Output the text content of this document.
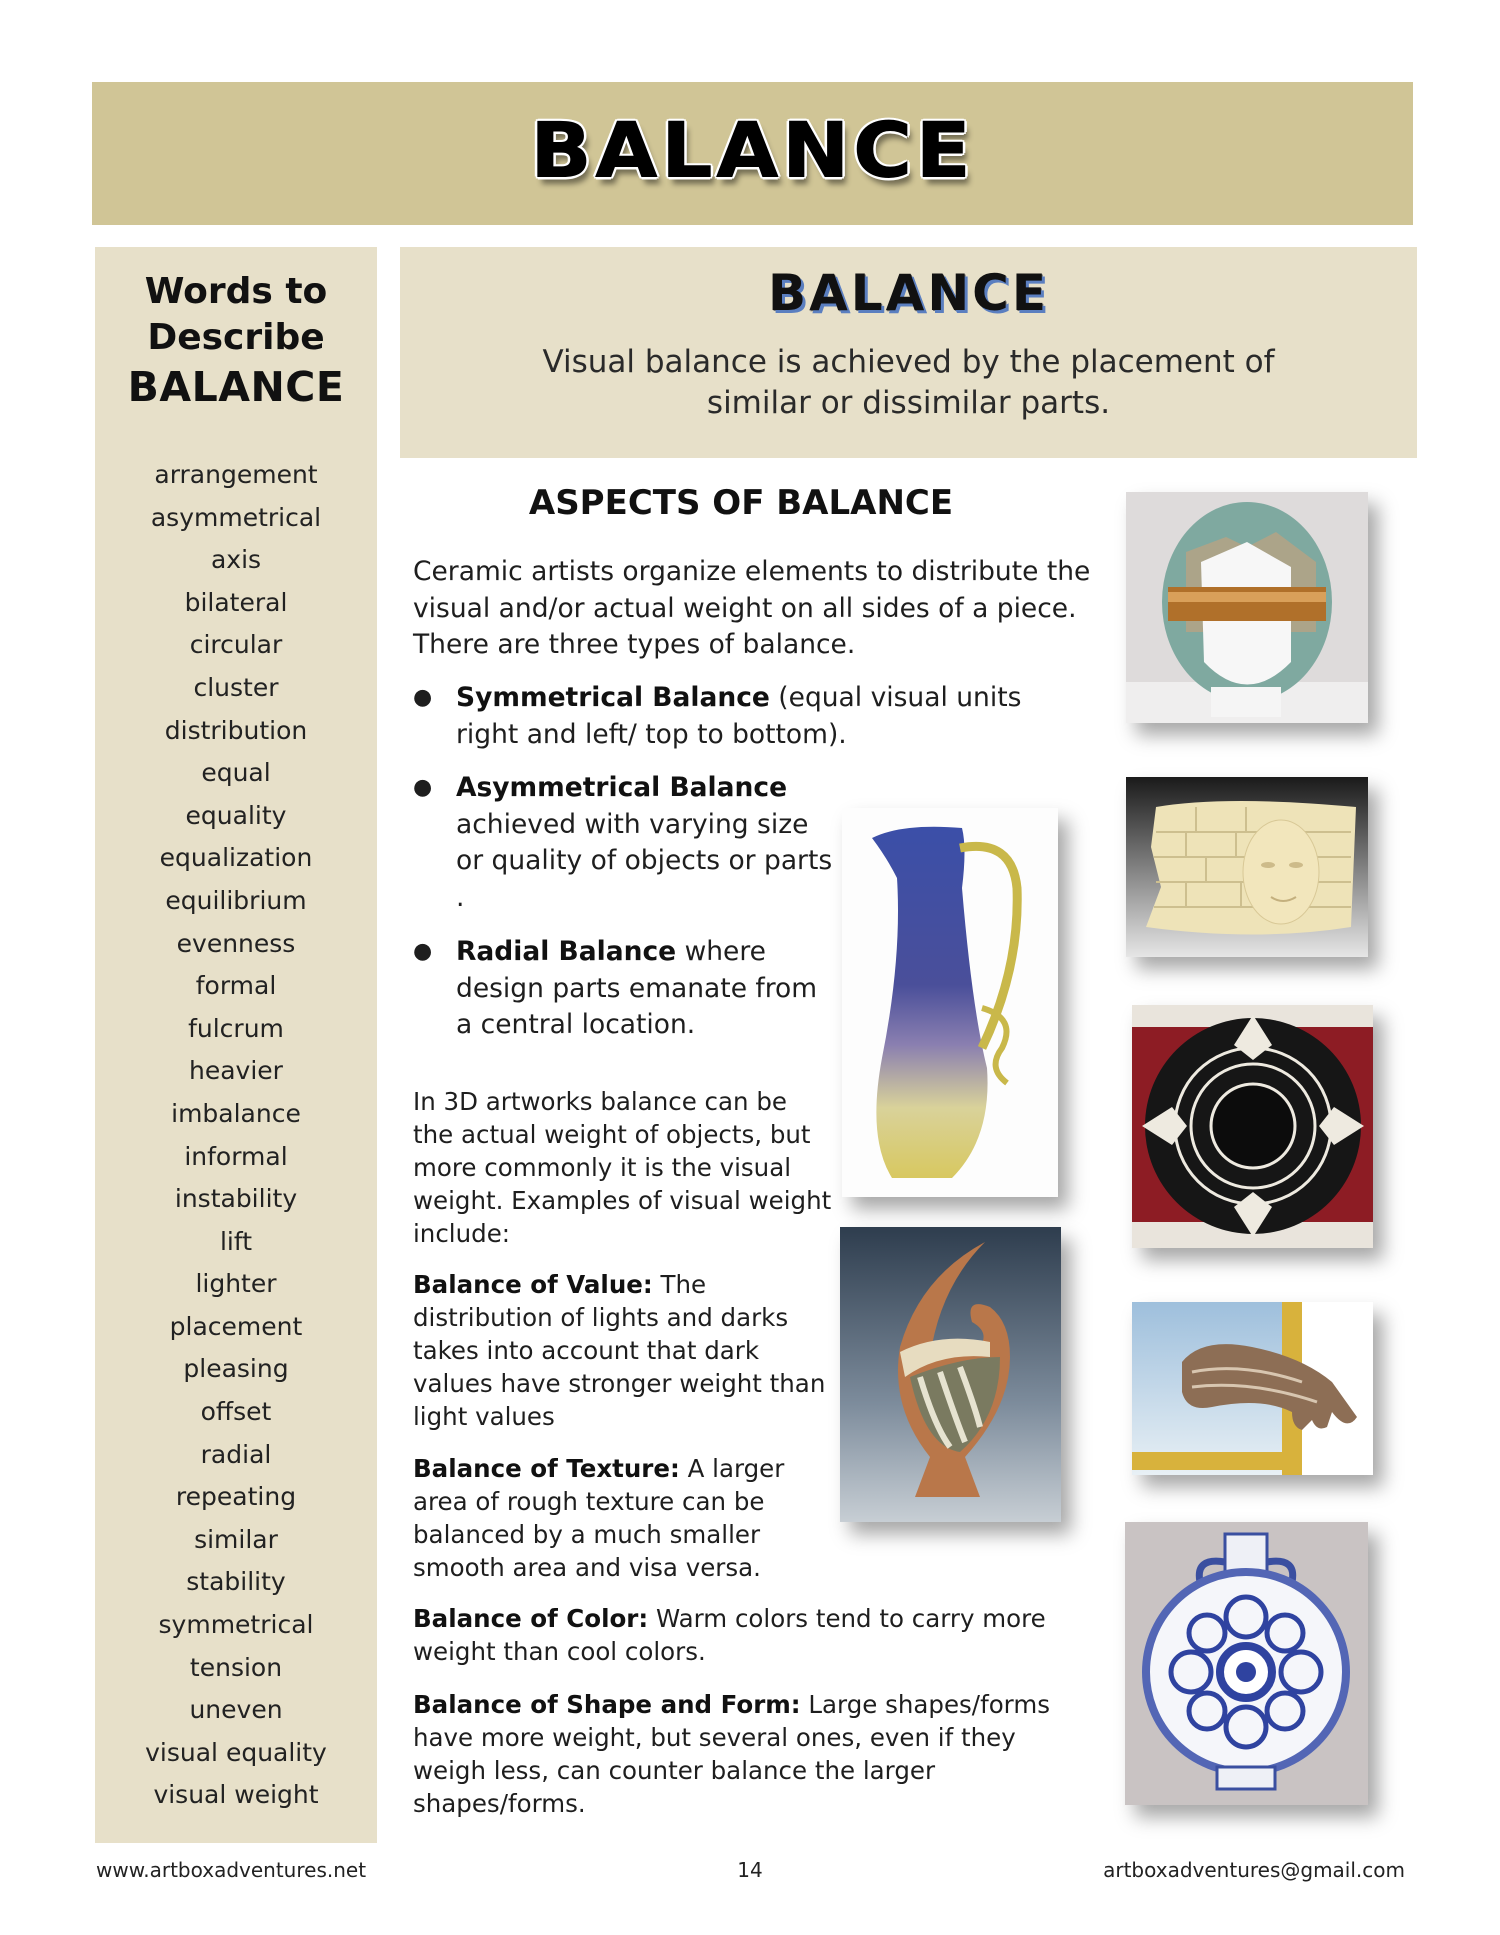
BALANCE
Words to
Describe
BALANCE
arrangement
asymmetrical
axis
bilateral
circular
cluster
distribution
equal
equality
equalization
equilibrium
evenness
formal
fulcrum
heavier
imbalance
informal
instability
lift
lighter
placement
pleasing
offset
radial
repeating
similar
stability
symmetrical
tension
uneven
visual equality
visual weight
BALANCE
Visual balance is achieved by the placement of
similar or dissimilar parts.
ASPECTS OF BALANCE
Ceramic artists organize elements to distribute the visual and/or actual weight on all sides of a piece. There are three types of balance.
● Symmetrical Balance (equal visual units right and left/ top to bottom).
● Asymmetrical Balance achieved with varying size or quality of objects or parts .
● Radial Balance where design parts emanate from a central location.
In 3D artworks balance can be the actual weight of objects, but more commonly it is the visual weight. Examples of visual weight include:
Balance of Value: The distribution of lights and darks takes into account that dark values have stronger weight than light values
Balance of Texture: A larger area of rough texture can be balanced by a much smaller smooth area and visa versa.
Balance of Color: Warm colors tend to carry more weight than cool colors.
Balance of Shape and Form: Large shapes/forms have more weight, but several ones, even if they weigh less, can counter balance the larger shapes/forms.
www.artboxadventures.net	14	artboxadventures@gmail.com
